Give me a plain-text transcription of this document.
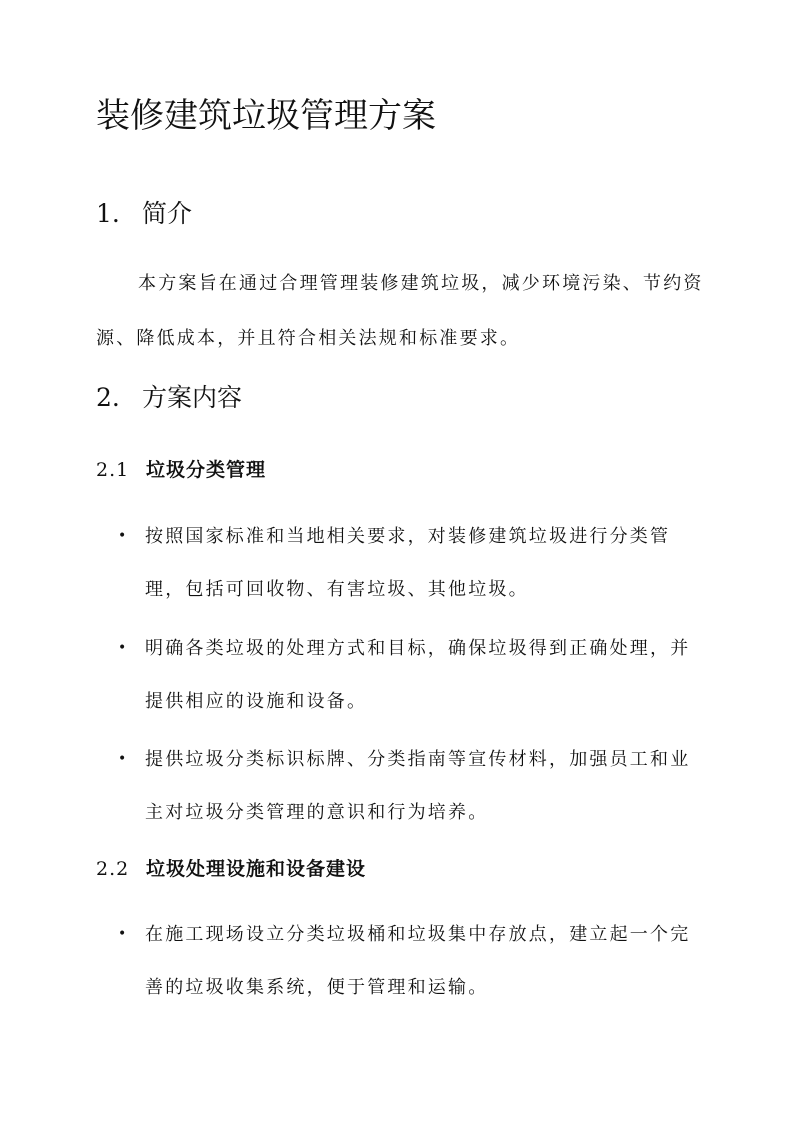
装修建筑垃圾管理方案
1. 简介

本方案旨在通过合理管理装修建筑垃圾，减少环境污染、节约资源、降低成本，并且符合相关法规和标准要求。

2. 方案内容
2.1 垃圾分类管理
• 按照国家标准和当地相关要求，对装修建筑垃圾进行分类管理，包括可回收物、有害垃圾、其他垃圾。
• 明确各类垃圾的处理方式和目标，确保垃圾得到正确处理，并提供相应的设施和设备。
• 提供垃圾分类标识标牌、分类指南等宣传材料，加强员工和业主对垃圾分类管理的意识和行为培养。
2.2 垃圾处理设施和设备建设
• 在施工现场设立分类垃圾桶和垃圾集中存放点，建立起一个完善的垃圾收集系统，便于管理和运输。
